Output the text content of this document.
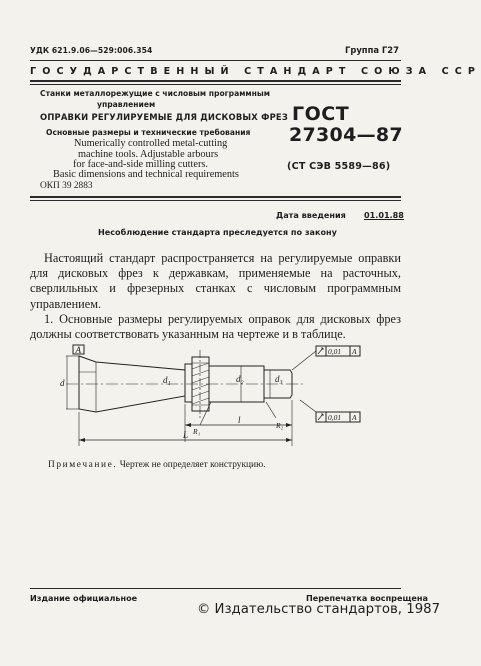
УДК 621.9.06—529:006.354	Группа Г27
ГОСУДАРСТВЕННЫЙ СТАНДАРТ СОЮЗА ССР
Станки металлорежущие с числовым программным
управлением
ОПРАВКИ РЕГУЛИРУЕМЫЕ ДЛЯ ДИСКОВЫХ ФРЕЗ
Основные размеры и технические требования
Numerically controlled metal-cutting
machine tools. Adjustable arbours
for face-and-side milling cutters.
Basic dimensions and technical requirements
ОКП 39 2883
ГОСТ
27304—87
(СТ СЭВ 5589—86)
Дата введения 01.01.88
Несоблюдение стандарта преследуется по закону
Настоящий стандарт распространяется на регулируемые оправки для дисковых фрез к державкам, применяемые на расточных, сверлильных и фрезерных станках с числовым программным управлением.
1. Основные размеры регулируемых оправок для дисковых фрез должны соответствовать указанным на чертеже и в таблице.
A	0,01 A
0,01 A
d	d₁	d₂	d₃
l
L R₁
R₂
Примечание. Чертеж не определяет конструкцию.
Издание официальное	Перепечатка воспрещена
© Издательство стандартов, 1987
